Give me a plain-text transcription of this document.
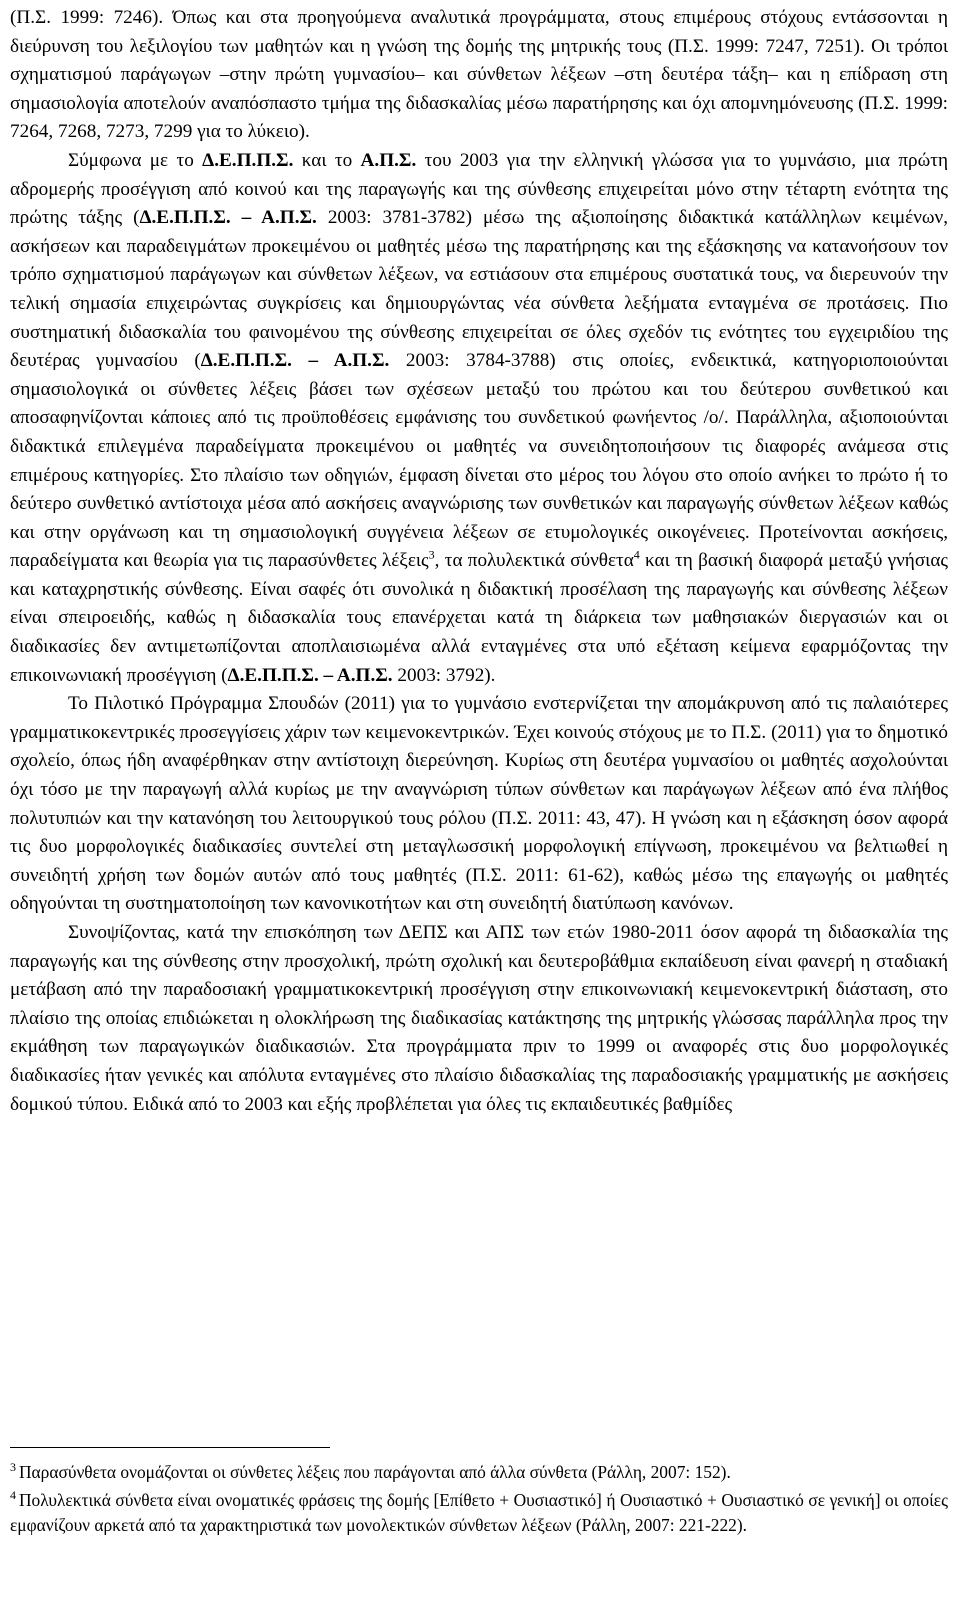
(Π.Σ. 1999: 7246). Όπως και στα προηγούμενα αναλυτικά προγράμματα, στους επιμέρους στόχους εντάσσονται η διεύρυνση του λεξιλογίου των μαθητών και η γνώση της δομής της μητρικής τους (Π.Σ. 1999: 7247, 7251). Οι τρόποι σχηματισμού παράγωγων –στην πρώτη γυμνασίου– και σύνθετων λέξεων –στη δευτέρα τάξη– και η επίδραση στη σημασιολογία αποτελούν αναπόσπαστο τμήμα της διδασκαλίας μέσω παρατήρησης και όχι απομνημόνευσης (Π.Σ. 1999: 7264, 7268, 7273, 7299 για το λύκειο).

Σύμφωνα με το Δ.Ε.Π.Π.Σ. και το Α.Π.Σ. του 2003 για την ελληνική γλώσσα για το γυμνάσιο, μια πρώτη αδρομερής προσέγγιση από κοινού και της παραγωγής και της σύνθεσης επιχειρείται μόνο στην τέταρτη ενότητα της πρώτης τάξης (Δ.Ε.Π.Π.Σ. – Α.Π.Σ. 2003: 3781-3782) μέσω της αξιοποίησης διδακτικά κατάλληλων κειμένων, ασκήσεων και παραδειγμάτων προκειμένου οι μαθητές μέσω της παρατήρησης και της εξάσκησης να κατανοήσουν τον τρόπο σχηματισμού παράγωγων και σύνθετων λέξεων, να εστιάσουν στα επιμέρους συστατικά τους, να διερευνούν την τελική σημασία επιχειρώντας συγκρίσεις και δημιουργώντας νέα σύνθετα λεξήματα ενταγμένα σε προτάσεις. Πιο συστηματική διδασκαλία του φαινομένου της σύνθεσης επιχειρείται σε όλες σχεδόν τις ενότητες του εγχειριδίου της δευτέρας γυμνασίου (Δ.Ε.Π.Π.Σ. – Α.Π.Σ. 2003: 3784-3788) στις οποίες, ενδεικτικά, κατηγοριοποιούνται σημασιολογικά οι σύνθετες λέξεις βάσει των σχέσεων μεταξύ του πρώτου και του δεύτερου συνθετικού και αποσαφηνίζονται κάποιες από τις προϋποθέσεις εμφάνισης του συνδετικού φωνήεντος /ο/. Παράλληλα, αξιοποιούνται διδακτικά επιλεγμένα παραδείγματα προκειμένου οι μαθητές να συνειδητοποιήσουν τις διαφορές ανάμεσα στις επιμέρους κατηγορίες. Στο πλαίσιο των οδηγιών, έμφαση δίνεται στο μέρος του λόγου στο οποίο ανήκει το πρώτο ή το δεύτερο συνθετικό αντίστοιχα μέσα από ασκήσεις αναγνώρισης των συνθετικών και παραγωγής σύνθετων λέξεων καθώς και στην οργάνωση και τη σημασιολογική συγγένεια λέξεων σε ετυμολογικές οικογένειες. Προτείνονται ασκήσεις, παραδείγματα και θεωρία για τις παρασύνθετες λέξεις$^3$, τα πολυλεκτικά σύνθετα$^4$ και τη βασική διαφορά μεταξύ γνήσιας και καταχρηστικής σύνθεσης. Είναι σαφές ότι συνολικά η διδακτική προσέλαση της παραγωγής και σύνθεσης λέξεων είναι σπειροειδής, καθώς η διδασκαλία τους επανέρχεται κατά τη διάρκεια των μαθησιακών διεργασιών και οι διαδικασίες δεν αντιμετωπίζονται αποπλαισιωμένα αλλά ενταγμένες στα υπό εξέταση κείμενα εφαρμόζοντας την επικοινωνιακή προσέγγιση (Δ.Ε.Π.Π.Σ. – Α.Π.Σ. 2003: 3792).

Το Πιλοτικό Πρόγραμμα Σπουδών (2011) για το γυμνάσιο ενστερνίζεται την απομάκρυνση από τις παλαιότερες γραμματικοκεντρικές προσεγγίσεις χάριν των κειμενοκεντρικών. Έχει κοινούς στόχους με το Π.Σ. (2011) για το δημοτικό σχολείο, όπως ήδη αναφέρθηκαν στην αντίστοιχη διερεύνηση. Κυρίως στη δευτέρα γυμνασίου οι μαθητές ασχολούνται όχι τόσο με την παραγωγή αλλά κυρίως με την αναγνώριση τύπων σύνθετων και παράγωγων λέξεων από ένα πλήθος πολυτυπιών και την κατανόηση του λειτουργικού τους ρόλου (Π.Σ. 2011: 43, 47). Η γνώση και η εξάσκηση όσον αφορά τις δυο μορφολογικές διαδικασίες συντελεί στη μεταγλωσσική μορφολογική επίγνωση, προκειμένου να βελτιωθεί η συνειδητή χρήση των δομών αυτών από τους μαθητές (Π.Σ. 2011: 61-62), καθώς μέσω της επαγωγής οι μαθητές οδηγούνται τη συστηματοποίηση των κανονικοτήτων και στη συνειδητή διατύπωση κανόνων.

Συνοψίζοντας, κατά την επισκόπηση των ΔΕΠΣ και ΑΠΣ των ετών 1980-2011 όσον αφορά τη διδασκαλία της παραγωγής και της σύνθεσης στην προσχολική, πρώτη σχολική και δευτεροβάθμια εκπαίδευση είναι φανερή η σταδιακή μετάβαση από την παραδοσιακή γραμματικοκεντρική προσέγγιση στην επικοινωνιακή κειμενοκεντρική διάσταση, στο πλαίσιο της οποίας επιδιώκεται η ολοκλήρωση της διαδικασίας κατάκτησης της μητρικής γλώσσας παράλληλα προς την εκμάθηση των παραγωγικών διαδικασιών. Στα προγράμματα πριν το 1999 οι αναφορές στις δυο μορφολογικές διαδικασίες ήταν γενικές και απόλυτα ενταγμένες στο πλαίσιο διδασκαλίας της παραδοσιακής γραμματικής με ασκήσεις δομικού τύπου. Ειδικά από το 2003 και εξής προβλέπεται για όλες τις εκπαιδευτικές βαθμίδες

$^3$ Παρασύνθετα ονομάζονται οι σύνθετες λέξεις που παράγονται από άλλα σύνθετα (Ράλλη, 2007: 152).

$^4$ Πολυλεκτικά σύνθετα είναι ονοματικές φράσεις της δομής [Επίθετο + Ουσιαστικό] ή Ουσιαστικό + Ουσιαστικό σε γενική] οι οποίες εμφανίζουν αρκετά από τα χαρακτηριστικά των μονολεκτικών σύνθετων λέξεων (Ράλλη, 2007: 221-222).
